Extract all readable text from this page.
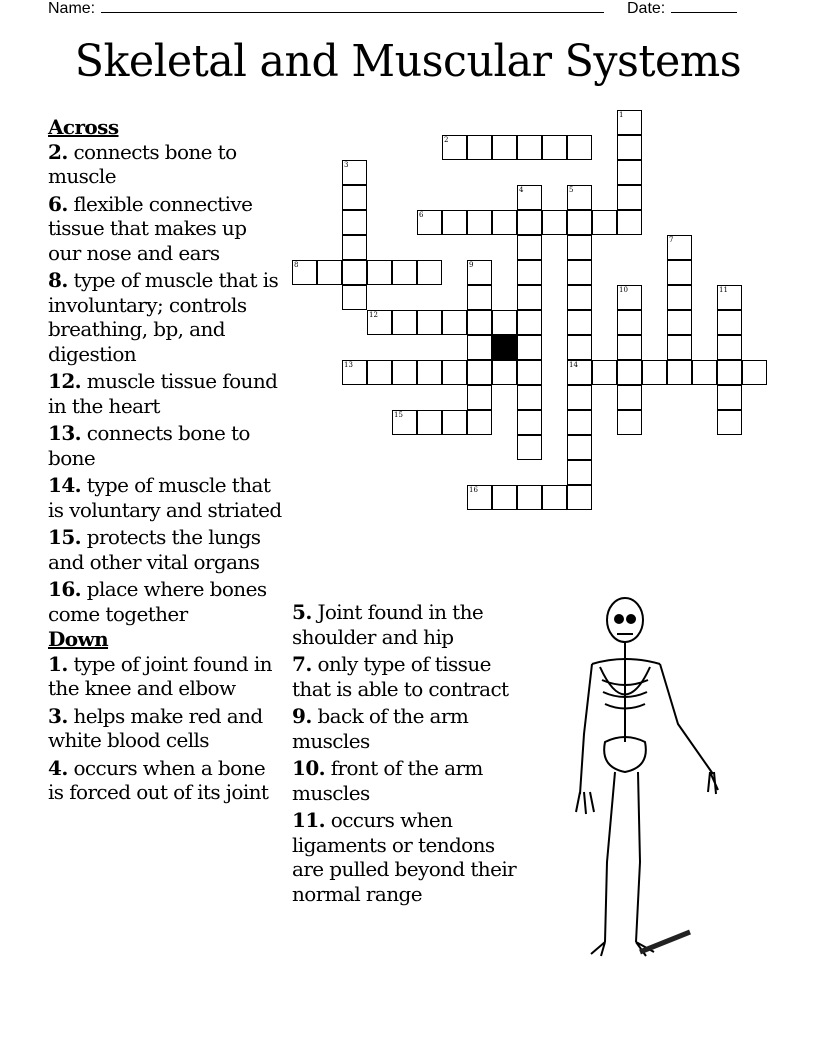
Name:	Date:
Skeletal and Muscular Systems
Across
2. connects bone to muscle
6. flexible connective tissue that makes up our nose and ears
8. type of muscle that is involuntary; controls breathing, bp, and digestion
12. muscle tissue found in the heart
13. connects bone to bone
14. type of muscle that is voluntary and striated
15. protects the lungs and other vital organs
16. place where bones come together
Down
1. type of joint found in the knee and elbow
3. helps make red and white blood cells
4. occurs when a bone is forced out of its joint
5. Joint found in the shoulder and hip
7. only type of tissue that is able to contract
9. back of the arm muscles
10. front of the arm muscles
11. occurs when ligaments or tendons are pulled beyond their normal range
1
2
3
4	5
14
6
7
8	9
10	11
12
13
15
16
